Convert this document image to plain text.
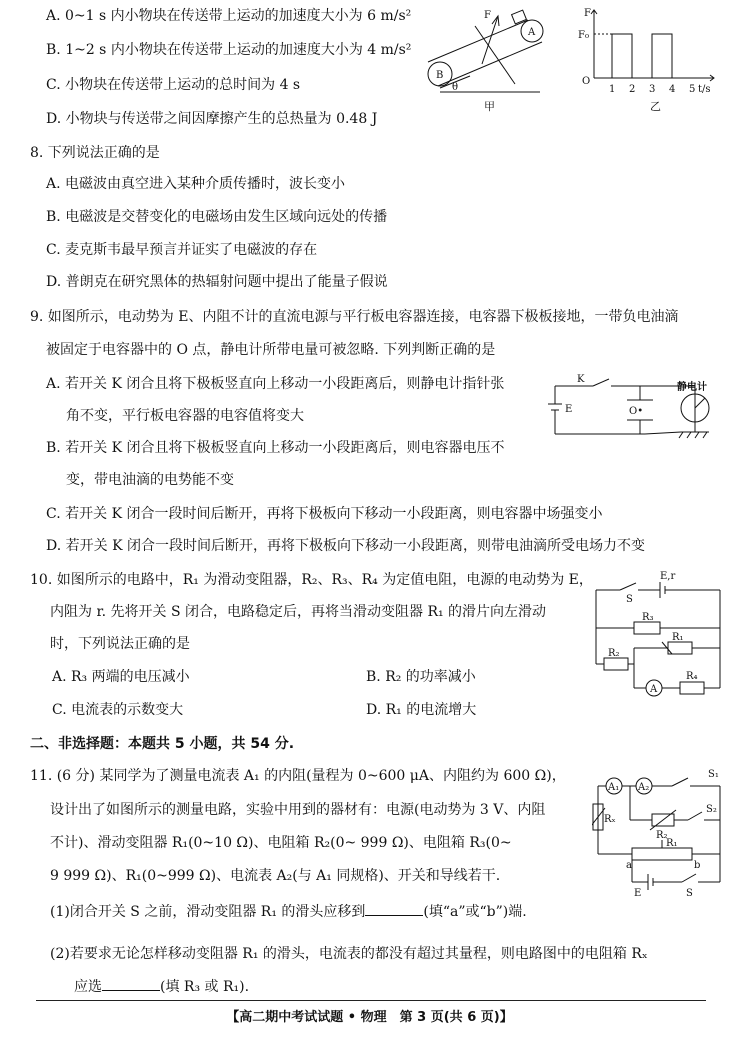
A. 0~1 s 内小物块在传送带上运动的加速度大小为 6 m/s²
B. 1~2 s 内小物块在传送带上运动的加速度大小为 4 m/s²
C. 小物块在传送带上运动的总时间为 4 s
D. 小物块与传送带之间因摩擦产生的总热量为 0.48 J
F
A
B
θ
甲
F
F₀
O
1 2 3 4 5 t/s
乙
8. 下列说法正确的是
A. 电磁波由真空进入某种介质传播时，波长变小
B. 电磁波是交替变化的电磁场由发生区域向远处的传播
C. 麦克斯韦最早预言并证实了电磁波的存在
D. 普朗克在研究黑体的热辐射问题中提出了能量子假说
9. 如图所示，电动势为 E、内阻不计的直流电源与平行板电容器连接，电容器下极板接地，一带负电油滴
被固定于电容器中的 O 点，静电计所带电量可被忽略. 下列判断正确的是
A. 若开关 K 闭合且将下极板竖直向上移动一小段距离后，则静电计指针张
角不变，平行板电容器的电容值将变大
B. 若开关 K 闭合且将下极板竖直向上移动一小段距离后，则电容器电压不
变，带电油滴的电势能不变
C. 若开关 K 闭合一段时间后断开，再将下极板向下移动一小段距离，则电容器中场强变小
D. 若开关 K 闭合一段时间后断开，再将下极板向下移动一小段距离，则带电油滴所受电场力不变
K
E	O•
静电计
10. 如图所示的电路中，R₁ 为滑动变阻器，R₂、R₃、R₄ 为定值电阻，电源的电动势为 E，
内阻为 r. 先将开关 S 闭合，电路稳定后，再将当滑动变阻器 R₁ 的滑片向左滑动
时，下列说法正确的是
A. R₃ 两端的电压减小	B. R₂ 的功率减小
C. 电流表的示数变大	D. R₁ 的电流增大
E,r
S
R₃
R₁
R₂
A
R₄
二、非选择题：本题共 5 小题，共 54 分.
11. (6 分) 某同学为了测量电流表 A₁ 的内阻(量程为 0~600 μA、内阻约为 600 Ω)，
设计出了如图所示的测量电路，实验中用到的器材有：电源(电动势为 3 V、内阻
不计)、滑动变阻器 R₁(0~10 Ω)、电阻箱 R₂(0~ 999 Ω)、电阻箱 R₃(0~
9 999 Ω)、R₁(0~999 Ω)、电流表 A₂(与 A₁ 同规格)、开关和导线若干.
(1)闭合开关 S 之前，滑动变阻器 R₁ 的滑头应移到	(填“a”或“b”)端.
(2)若要求无论怎样移动变阻器 R₁ 的滑头，电流表的都没有超过其量程，则电路图中的电阻箱 Rₓ
应选	(填 R₃ 或 R₁).
A₁ A₂
S₁
S₂
Rₓ
R₂
R₁
a	b
E	S
【高二期中考试试题 • 物理　第 3 页(共 6 页)】
